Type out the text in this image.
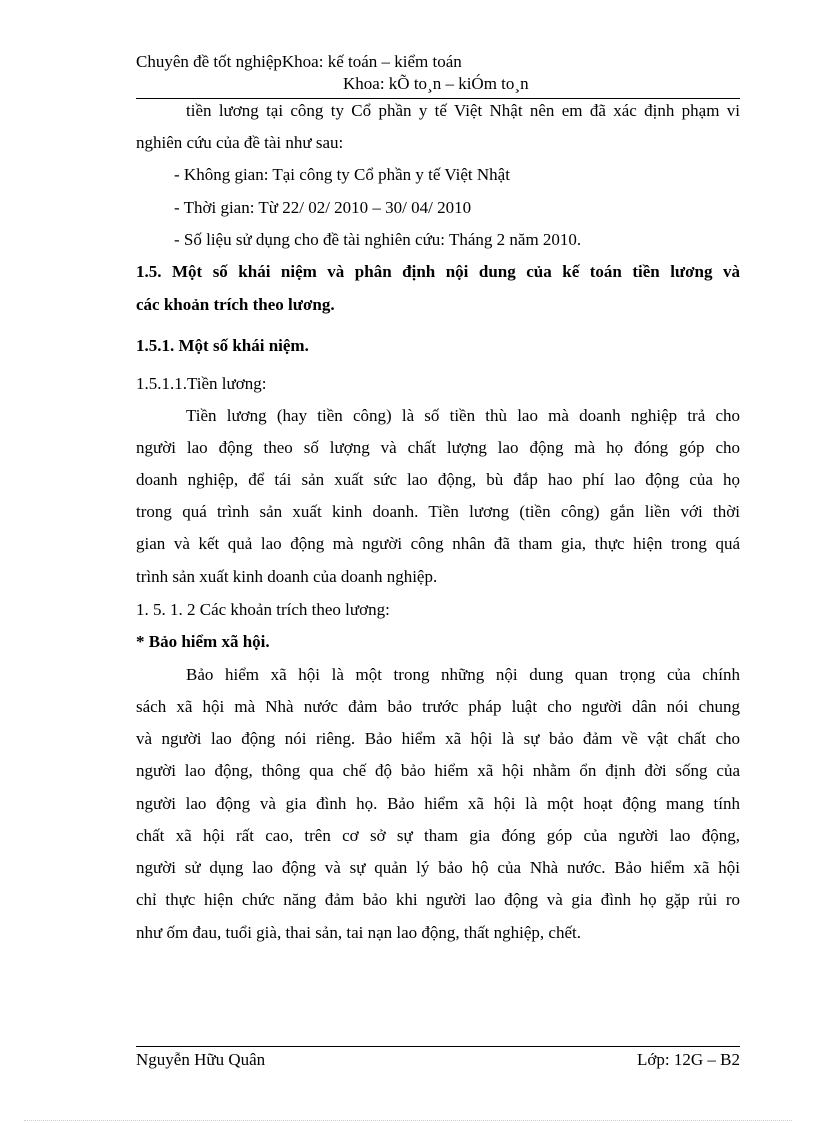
Chuyên đề tốt nghiệpKhoa: kế toán – kiểm toán
Khoa: kÕ to¸n – kiÓm to¸n
tiền lương tại công ty Cổ phần y tế Việt Nhật nên em đã xác định phạm vi
nghiên cứu của đề tài như sau:
- Không gian: Tại công ty Cổ phần y tế Việt Nhật
- Thời gian: Từ 22/ 02/ 2010 – 30/ 04/ 2010
- Số liệu sử dụng cho đề tài nghiên cứu: Tháng 2 năm 2010.
1.5. Một số khái niệm và phân định nội dung của kế toán tiền lương và
các khoản trích theo lương.
1.5.1. Một số khái niệm.
1.5.1.1.Tiền lương:
Tiền lương (hay tiền công) là số tiền thù lao mà doanh nghiệp trả cho
người lao động theo số lượng và chất lượng lao động mà họ đóng góp cho
doanh nghiệp, để tái sản xuất sức lao động, bù đắp hao phí lao động của họ
trong quá trình sản xuất kinh doanh. Tiền lương (tiền công) gắn liền với thời
gian và kết quả lao động mà người công nhân đã tham gia, thực hiện trong quá
trình sản xuất kinh doanh của doanh nghiệp.
1. 5. 1. 2 Các khoản trích theo lương:
* Bảo hiểm xã hội.
Bảo hiểm xã hội là một trong những nội dung quan trọng của chính
sách xã hội mà Nhà nước đảm bảo trước pháp luật cho người dân nói chung
và người lao động nói riêng. Bảo hiểm xã hội là sự bảo đảm về vật chất cho
người lao động, thông qua chế độ bảo hiểm xã hội nhằm ổn định đời sống của
người lao động và gia đình họ. Bảo hiểm xã hội là một hoạt động mang tính
chất xã hội rất cao, trên cơ sở sự tham gia đóng góp của người lao động,
người sử dụng lao động và sự quản lý bảo hộ của Nhà nước. Bảo hiểm xã hội
chỉ thực hiện chức năng đảm bảo khi người lao động và gia đình họ gặp rủi ro
như ốm đau, tuổi già, thai sản, tai nạn lao động, thất nghiệp, chết.
Nguyễn Hữu Quân	Lớp: 12G – B2
